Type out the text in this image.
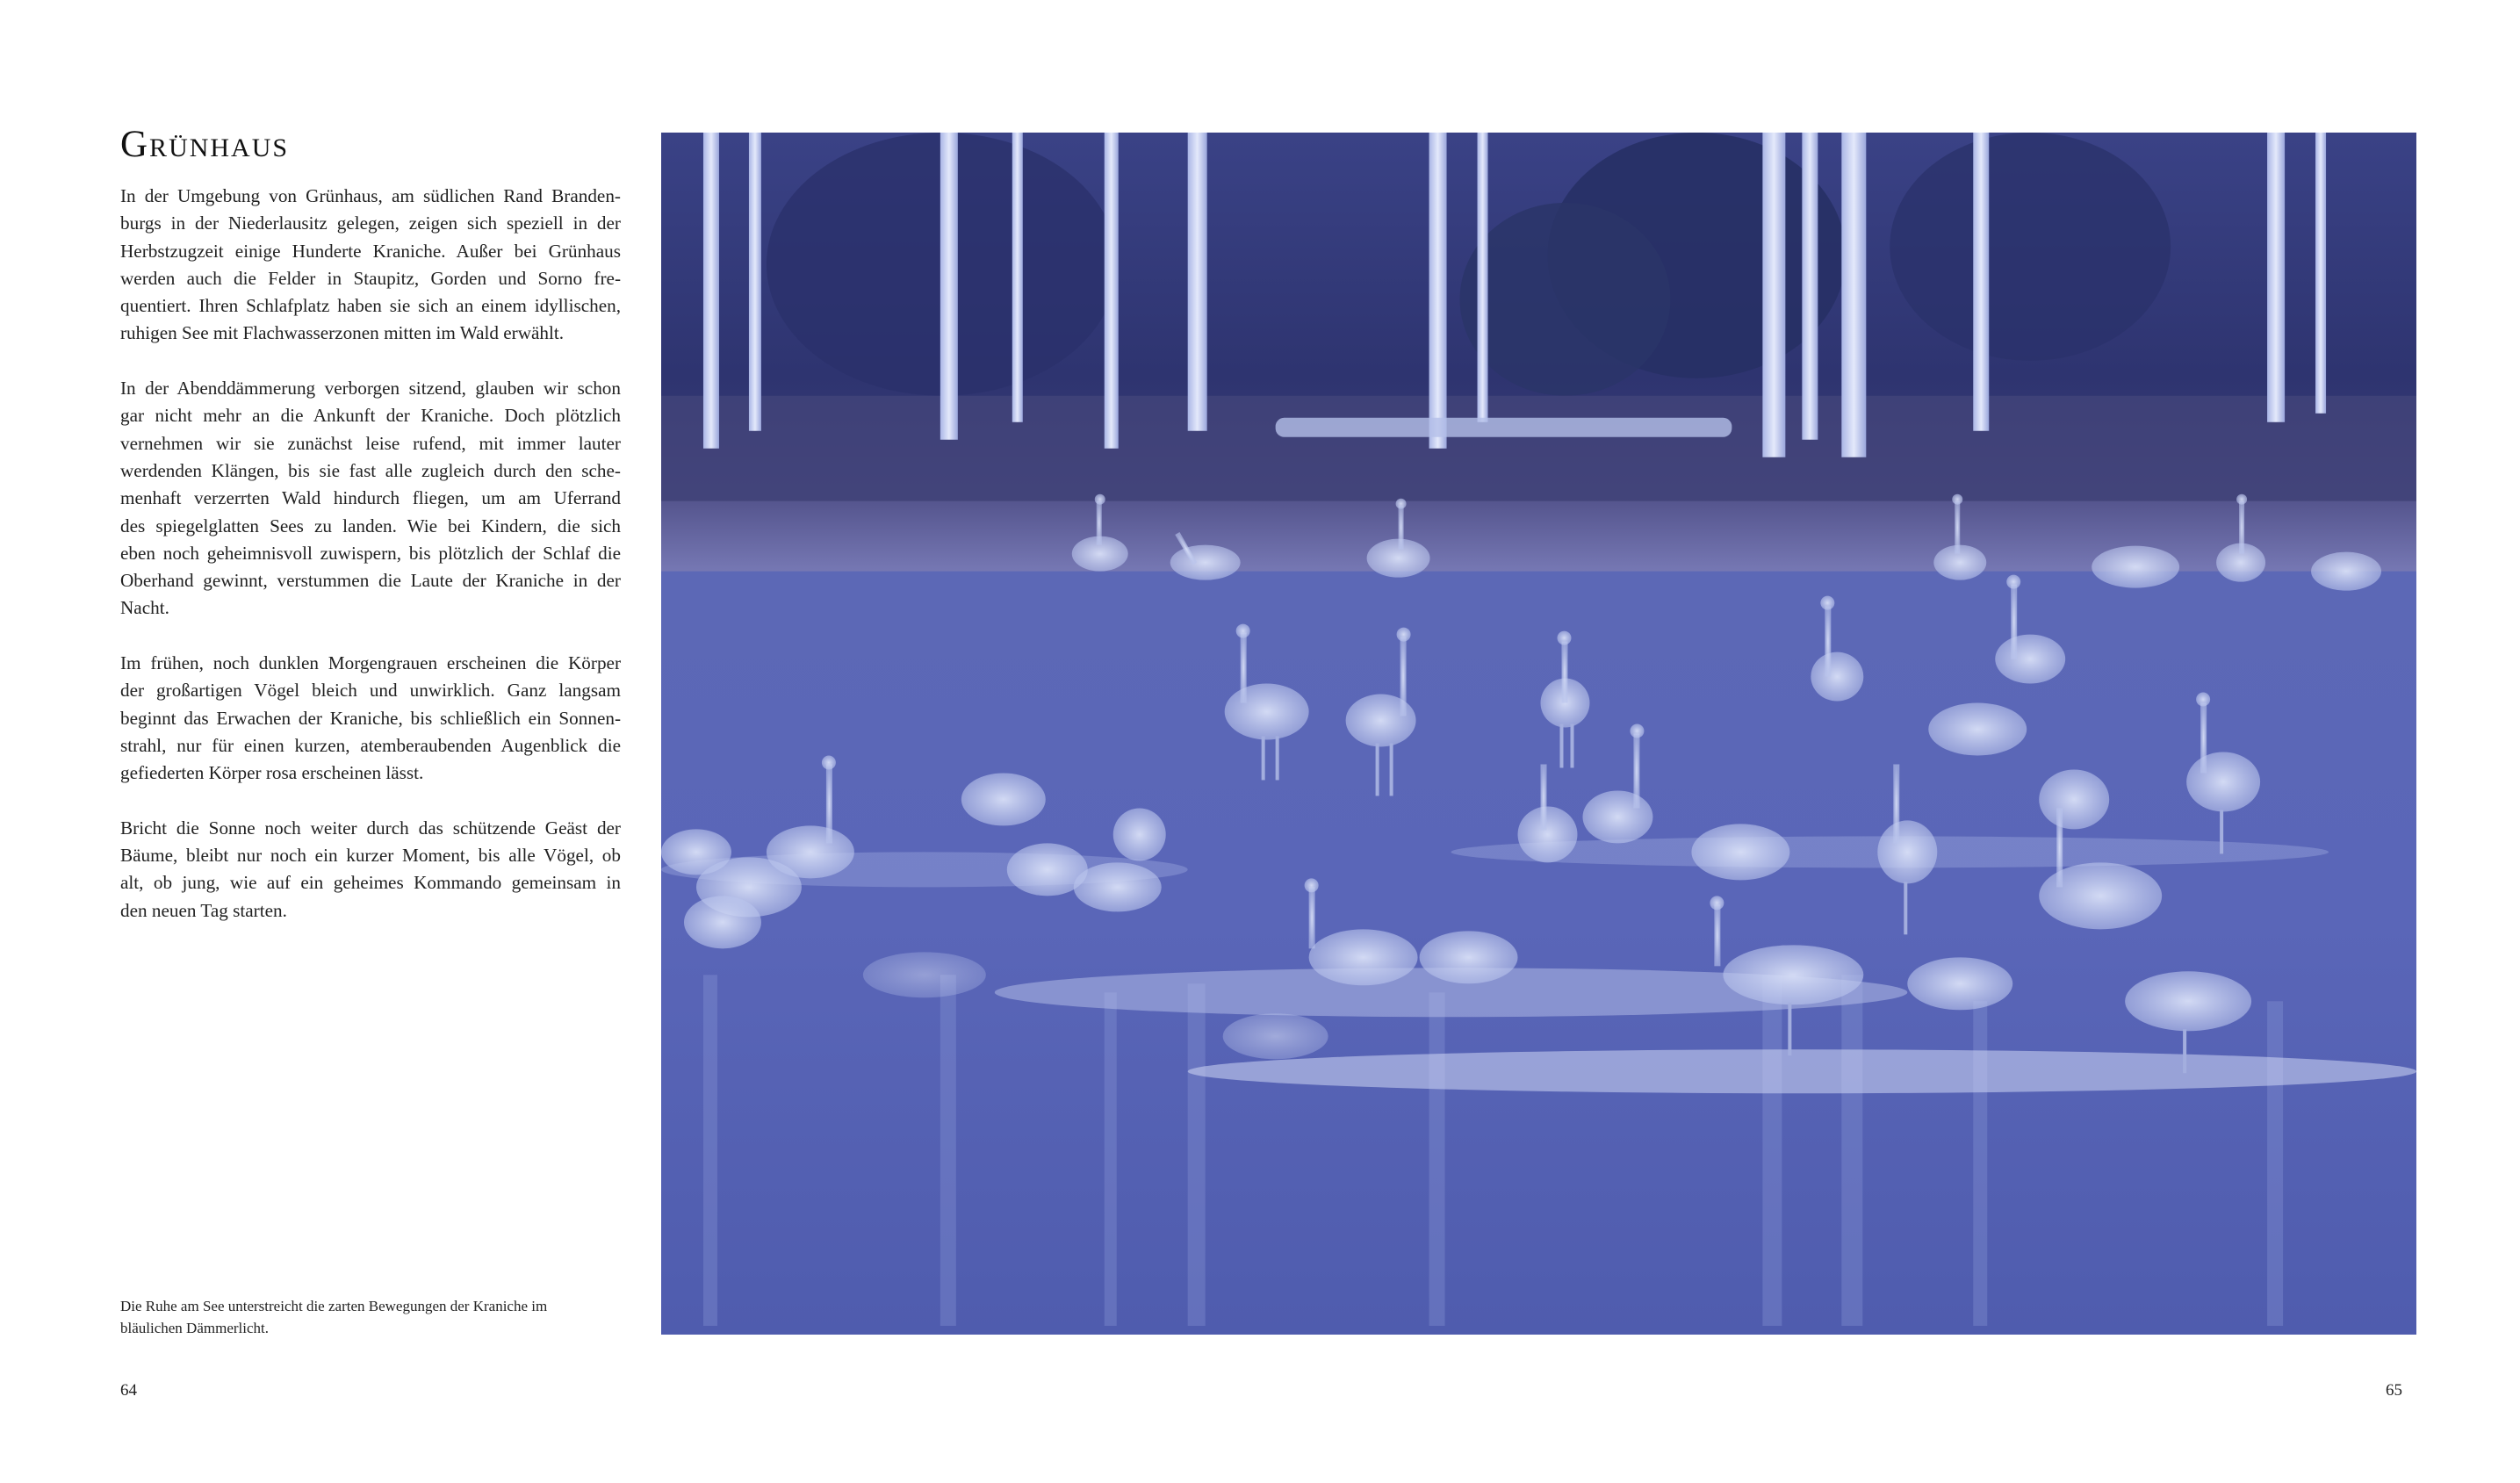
Grünhaus

In der Umgebung von Grünhaus, am südlichen Rand Branden-
burgs in der Niederlausitz gelegen, zeigen sich speziell in der
Herbstzugzeit einige Hunderte Kraniche. Außer bei Grünhaus
werden auch die Felder in Staupitz, Gorden und Sorno fre-
quentiert. Ihren Schlafplatz haben sie sich an einem idyllischen,
ruhigen See mit Flachwasserzonen mitten im Wald erwählt.

In der Abenddämmerung verborgen sitzend, glauben wir schon
gar nicht mehr an die Ankunft der Kraniche. Doch plötzlich
vernehmen wir sie zunächst leise rufend, mit immer lauter
werdenden Klängen, bis sie fast alle zugleich durch den sche-
menhaft verzerrten Wald hindurch fliegen, um am Uferrand
des spiegelglatten Sees zu landen. Wie bei Kindern, die sich
eben noch geheimnisvoll zuwispern, bis plötzlich der Schlaf die
Oberhand gewinnt, verstummen die Laute der Kraniche in der
Nacht.

Im frühen, noch dunklen Morgengrauen erscheinen die Körper
der großartigen Vögel bleich und unwirklich. Ganz langsam
beginnt das Erwachen der Kraniche, bis schließlich ein Sonnen-
strahl, nur für einen kurzen, atemberaubenden Augenblick die
gefiederten Körper rosa erscheinen lässt.

Bricht die Sonne noch weiter durch das schützende Geäst der
Bäume, bleibt nur noch ein kurzer Moment, bis alle Vögel, ob
alt, ob jung, wie auf ein geheimes Kommando gemeinsam in
den neuen Tag starten.

Die Ruhe am See unterstreicht die zarten Bewegungen der Kraniche im
bläulichen Dämmerlicht.
64	65
